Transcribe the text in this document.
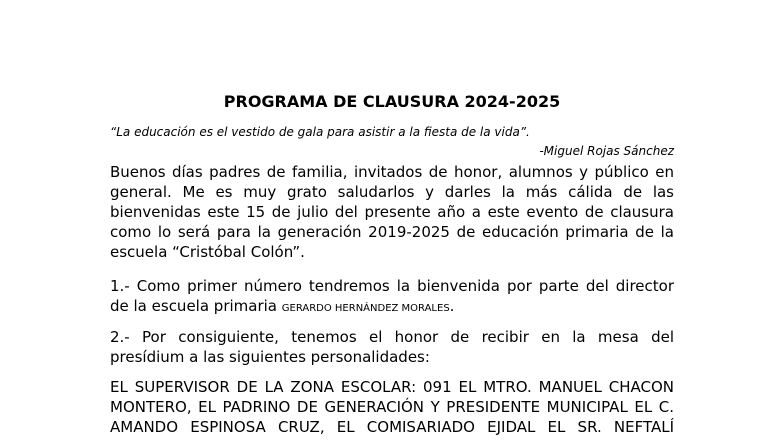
PROGRAMA DE CLAUSURA 2024-2025

“La educación es el vestido de gala para asistir a la fiesta de la vida”.

-Miguel Rojas Sánchez

Buenos días padres de familia, invitados de honor, alumnos y público en

general. Me es muy grato saludarlos y darles la más cálida de las

bienvenidas este 15 de julio del presente año a este evento de clausura

como lo será para la generación 2019-2025 de educación primaria de la

escuela “Cristóbal Colón”.

1.- Como primer número tendremos la bienvenida por parte del director

de la escuela primaria GERARDO HERNÁNDEZ MORALES.

2.- Por consiguiente, tenemos el honor de recibir en la mesa del

presídium a las siguientes personalidades:

EL SUPERVISOR DE LA ZONA ESCOLAR: 091 EL MTRO. MANUEL CHACON

MONTERO, EL PADRINO DE GENERACIÓN Y PRESIDENTE MUNICIPAL EL C.

AMANDO ESPINOSA CRUZ, EL COMISARIADO EJIDAL EL SR. NEFTALÍ
